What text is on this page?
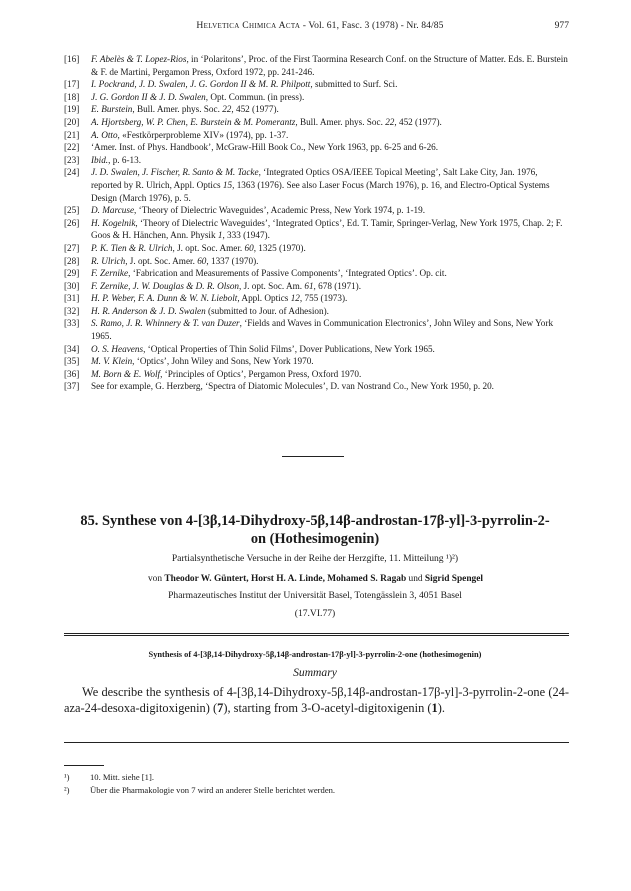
Helvetica Chimica Acta - Vol. 61, Fasc. 3 (1978) - Nr. 84/85	977
[16] F. Abelès & T. Lopez-Rios, in ‘Polaritons’, Proc. of the First Taormina Research Conf. on the Structure of Matter. Eds. E. Burstein & F. de Martini, Pergamon Press, Oxford 1972, pp. 241-246.
[17] I. Pockrand, J. D. Swalen, J. G. Gordon II & M. R. Philpott, submitted to Surf. Sci.
[18] J. G. Gordon II & J. D. Swalen, Opt. Commun. (in press).
[19] E. Burstein, Bull. Amer. phys. Soc. 22, 452 (1977).
[20] A. Hjortsberg, W. P. Chen, E. Burstein & M. Pomerantz, Bull. Amer. phys. Soc. 22, 452 (1977).
[21] A. Otto, «Festkörperprobleme XIV» (1974), pp. 1-37.
[22] ‘Amer. Inst. of Phys. Handbook’, McGraw-Hill Book Co., New York 1963, pp. 6-25 and 6-26.
[23] Ibid., p. 6-13.
[24] J. D. Swalen, J. Fischer, R. Santo & M. Tacke, ‘Integrated Optics OSA/IEEE Topical Meeting’, Salt Lake City, Jan. 1976, reported by R. Ulrich, Appl. Optics 15, 1363 (1976). See also Laser Focus (March 1976), p. 16, and Electro-Optical Systems Design (March 1976), p. 5.
[25] D. Marcuse, ‘Theory of Dielectric Waveguides’, Academic Press, New York 1974, p. 1-19.
[26] H. Kogelnik, ‘Theory of Dielectric Waveguides’, ‘Integrated Optics’, Ed. T. Tamir, Springer-Verlag, New York 1975, Chap. 2; F. Goos & H. Hänchen, Ann. Physik 1, 333 (1947).
[27] P. K. Tien & R. Ulrich, J. opt. Soc. Amer. 60, 1325 (1970).
[28] R. Ulrich, J. opt. Soc. Amer. 60, 1337 (1970).
[29] F. Zernike, ‘Fabrication and Measurements of Passive Components’, ‘Integrated Optics’. Op. cit.
[30] F. Zernike, J. W. Douglas & D. R. Olson, J. opt. Soc. Am. 61, 678 (1971).
[31] H. P. Weber, F. A. Dunn & W. N. Liebolt, Appl. Optics 12, 755 (1973).
[32] H. R. Anderson & J. D. Swalen (submitted to Jour. of Adhesion).
[33] S. Ramo, J. R. Whinnery & T. van Duzer, ‘Fields and Waves in Communication Electronics’, John Wiley and Sons, New York 1965.
[34] O. S. Heavens, ‘Optical Properties of Thin Solid Films’, Dover Publications, New York 1965.
[35] M. V. Klein, ‘Optics’, John Wiley and Sons, New York 1970.
[36] M. Born & E. Wolf, ‘Principles of Optics’, Pergamon Press, Oxford 1970.
[37] See for example, G. Herzberg, ‘Spectra of Diatomic Molecules’, D. van Nostrand Co., New York 1950, p. 20.
85. Synthese von 4-[3β,14-Dihydroxy-5β,14β-androstan-17β-yl]-3-pyrrolin-2-on (Hothesimogenin)

Partialsynthetische Versuche in der Reihe der Herzgifte, 11. Mitteilung ¹)²)

von Theodor W. Güntert, Horst H. A. Linde, Mohamed S. Ragab und Sigrid Spengel

Pharmazeutisches Institut der Universität Basel, Totengässlein 3, 4051 Basel

(17.VI.77)

Synthesis of 4-[3β,14-Dihydroxy-5β,14β-androstan-17β-yl]-3-pyrrolin-2-one (hothesimogenin)

Summary

We describe the synthesis of 4-[3β,14-Dihydroxy-5β,14β-androstan-17β-yl]-3-pyrrolin-2-one (24-aza-24-desoxa-digitoxigenin) (7), starting from 3-O-acetyl-digitoxigenin (1).

¹) 10. Mitt. siehe [1].
²) Über die Pharmakologie von 7 wird an anderer Stelle berichtet werden.
